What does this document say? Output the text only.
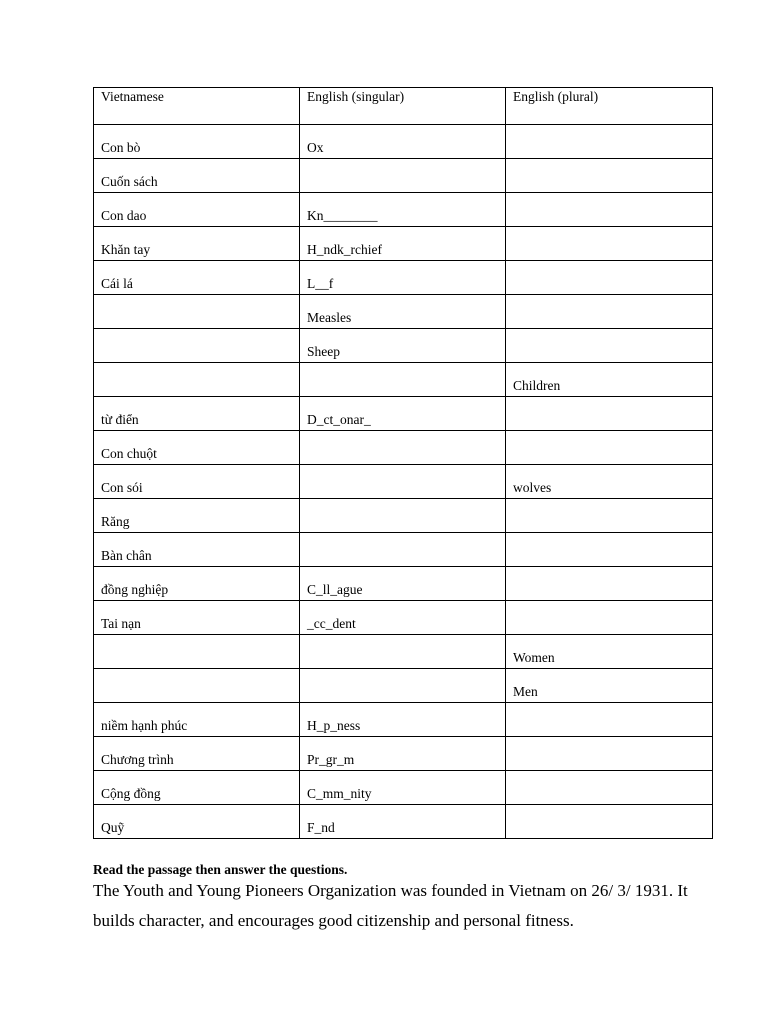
Vietnamese	English (singular)	English (plural)
Con bò	Ox	
Cuốn sách		
Con dao	Kn________	
Khăn tay	H_ndk_rchief	
Cái lá	L__f	
	Measles	
	Sheep	
		Children
từ điển	D_ct_onar_	
Con chuột		
Con sói		wolves
Răng		
Bàn chân		
đồng nghiệp	C_ll_ague	
Tai nạn	_cc_dent	
		Women
		Men
niềm hạnh phúc	H_p_ness	
Chương trình	Pr_gr_m	
Cộng đồng	C_mm_nity	
Quỹ	F_nd	

Read the passage then answer the questions.

The Youth and Young Pioneers Organization was founded in Vietnam on 26/ 3/ 1931. It builds character, and encourages good citizenship and personal fitness.
